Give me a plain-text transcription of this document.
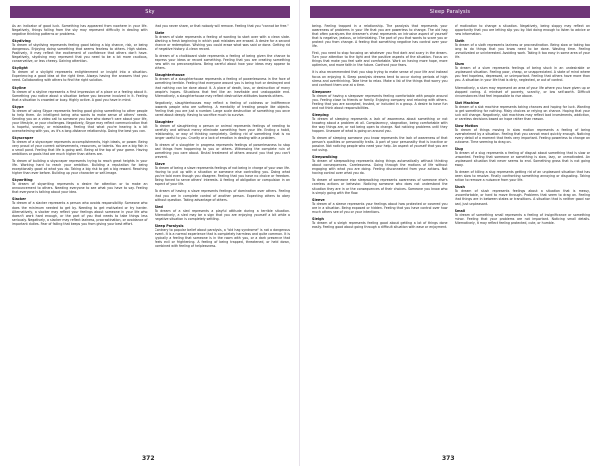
Sky
As an indicator of good luck. Something has appeared from nowhere in your life. Negatively, things falling from the sky may represent difficulty in dealing with negative thinking patterns or problems.
Skydiving
To dream of skydiving represents feeling good taking a big chance, risk, or being dangerous. Enjoying doing something that seems fearless to others. High stakes. Positively, it may reflect the excitement of confidence that others don't have. Negatively, skydiving may represent that you need to be a lot more cautious, conservative, or less cheesy. Gaining attention.
Skylight
To dream of a skylight represents enlightenment or insight into a situation. Experiencing a good idea at the right time. Always having the answers that you need. Collaborating with others to find the right solution.
Skyline
To dream of a skyline represents a first impression of a place or a feeling about it. Something you notice about a situation before you become involved in it. Feeling that a situation is crowded or busy. Highly active. A goal you have in mind.
Skype
To dream of using Skype represents feeling good giving something to other people to help them. An intelligent being who wants to make sense of others' needs. Sending you on a video call to someone you love who doesn't care about your life, your lifestyle, or your challenges. Negatively, Skype may reflect communication that is hopeful, sneaky, or misleading. Feeling that what you're hearing is a bit overwhelming with you, as it's a long-distance relationship. Doing the best you can.
Skyscraper
To dream of a skyscraper represents accomplishments, high ideals, or power. Being very proud of your current achievements, resources, or talents. You are a big fish in a small pond. Feeling that life is going well. Being at the top of your game. Having ambitions or goals that are much higher than others are.
To dream of building a skyscraper represents trying to reach great heights in your life. Working hard to reach your ambition. Building a reputation for being exceptionally good at what you do. Taking a big risk to get a big reward. Reaching higher than ever before. Building up your character or self-image.
Skywriting
To dream of skywriting represents a desire for attention or to make an announcement to others. Needing everyone to see what you have to say. Feeling that everyone is talking about your idea.
Slacker
To dream of a slacker represents a person who avoids responsibility. Someone who does the minimum needed to get by. Needing to get motivated or try harder. Alternatively, a slacker may reflect your feelings about someone in your life who doesn't work hard enough, or the part of you that needs to take things less seriously. Negatively, a slacker may reflect laziness, procrastination, or avoidance of important duties. Fear of failing that keeps you from giving your best effort.
that you never share, or that nobody will remove. Feeling that you "cannot be free."
Slate
To dream of slate represents a feeling of wanting to start over with a clean slate. Wanting a fresh beginning in which past mistakes are erased. A desire for a second chance or redemption. Wishing you could erase what was said or done. Getting rid of negative history. A clean record.
To dream of a chalkboard slate represents a feeling of being given the chance to express your ideas or record something. Feeling that you are creating something new with no preconceptions. Being careful about how your ideas may appear to others.
Slaughterhouse
To dream of a slaughterhouse represents a feeling of powerlessness in the face of something terrible. Feeling that everyone around you is being hurt or destroyed and that nothing can be done about it. A place of death, loss, or destruction of many people's hopes. Situations that feel like an inevitable and unstoppable end. Alternatively, a slaughterhouse may reflect destructive attitudes towards others.
Negatively, slaughterhouses may reflect a feeling of coldness or indifference towards people who are suffering. A mentality of treating people like objects. Feeling that you are just a number. Large scale destruction of something you once cared about deeply. Having to sacrifice much to survive.
Slaughter
To dream of slaughtering a person or animal represents feelings of needing to carefully and without mercy eliminate something from your life. Ending a habit, relationship, or way of thinking completely. Getting rid of something that is no longer useful to you. Cruelty or a lack of emotion in dealing with a problem.
To dream of a slaughter in progress represents feelings of powerlessness to stop bad things from happening to you or others. Witnessing the complete ruin of something you care about. Brutal treatment of others around you that you can't prevent.
Slave
To dream of being a slave represents feelings of not being in charge of your own life. Having to put up with a situation or someone else controlling you. Doing what you're told even though you disagree. Feeling that you have no choice or freedom. Being forced to serve others' interests. A feeling of obligation or compulsion in an aspect of your life.
To dream of having a slave represents feelings of domination over others. Feeling that you are in complete control of another person. Expecting others to obey without question. Taking advantage of others.
Sled
To dream of a sled represents a playful attitude during a terrible situation. Alternatively, a sled may be a sign that you are enjoying yourself a bit while a negative situation is completely settling.
Sleep Paralysis
Contrary to popular belief about paralysis, a "old hag syndrome" is not a dangerous event. It is a normal experience that is completely harmless and quite common. It is typically a feeling that someone is in the room with you, or a dark presence that feels evil or frightening. A feeling of being trapped, threatened, or held down, combined with feeling of helplessness.
372
Sleep Paralysis
being. Feeling trapped in a relationship. The paralysis that represents your awareness of problems in your life that you are powerless to change. The old hag that often paralyzes the dreamer's chest represents an intrusive aspect of yourself that is negative, jealous, or intimidating. The part of you that wants to scare you or protect you from change. A feeling that something negative has control over your life.
First, you need to stop focusing on whatever you find dark and scary in the dream. Turn your attention to the light and the positive aspects of the situation. Focus on things that make you feel safe and comfortable. Work on having more hope, more optimism, and more faith in the future. Confront your fears.
It is also recommended that you stop trying to make sense of your life and instead focus on enjoying it. Sleep paralysis dreams tend to occur during periods of high stress and overthinking. Take time to relax. Make a list of the things that worry you and confront them one at a time.
Sleepover
To dream of having a sleepover represents feeling comfortable with people around you. Feeling close to friends or family. Enjoying company and relaxing with others. Feeling that you are accepted, trusted, or included in a group. A desire to have fun and not think about responsibilities.
Sleeping
To dream of sleeping represents a lack of awareness about something or not knowing about a problem at all. Complacency, stagnation, being comfortable with the way things are, or not being open to change. Not noticing problems until they happen. Unaware of what is going on around you.
To dream of sleeping someone you know represents the lack of awareness of that person's qualities or personality traits. A part of your personality that is inactive or passive. Not noticing people who need your help. An aspect of yourself that you are not using.
Sleepwalking
To dream of sleepwalking represents doing things automatically without thinking about consequences. Carelessness. Going through the motions of life without engaging with what you are doing. Feeling disconnected from your actions. Not having control over what you do.
To dream of someone else sleepwalking represents awareness of someone else's careless actions or behavior. Noticing someone who does not understand the situation they are in or the consequences of their choices. Someone you know who is simply going with the flow.
Sleeve
To dream of a sleeve represents your feelings about how protected or covered you are in a situation. Being exposed or hidden. Feeling that you have control over how much others see of you or your intentions.
Sleigh
To dream of a sleigh represents feeling good about getting a lot of things done easily. Feeling good about going through a difficult situation with ease or enjoyment.
of motivation to change a situation. Negatively, being sloppy may reflect an opportunity that you are letting slip you by. Not doing enough to listen to advice or new information.
Sloth
To dream of a sloth represents laziness or procrastination. Being slow or taking too long to do things that you know need to be done. Wasting time. Feeling unmotivated or uninterested. Avoiding work. Taking it too easy in some area of your life.
Slum
To dream of a slum represents feelings of being stuck in an undesirable or unpleasant situation. Feeling poor, cheap, or unappreciated. A state of mind where you feel hopeless, depressed, or unimportant. Feeling that others have more than you. A situation in your life that is dirty, neglected, or out of control.
Alternatively, a slum may represent an area of your life where you have given up or stopped caring. A mindset of poverty, scarcity, or low self-worth. Difficult circumstances that feel impossible to rise above.
Slot Machine
To dream of a slot machine represents taking chances and hoping for luck. Wanting to get something for nothing. Risky choices or relying on chance. Hoping that your luck will change. Negatively, slot machines may reflect bad investments, addiction, or careless decisions based on hope rather than reason.
Slow Motion
To dream of things moving in slow motion represents a feeling of being overwhelmed by a situation. Feeling that you cannot react quickly enough. Noticing every detail of a moment that feels very important. Feeling powerless to change an outcome. Time seeming to drag on.
Slug
To dream of a slug represents a feeling of disgust about something that is slow or unwanted. Feeling that someone or something is slow, lazy, or unmotivated. An unpleasant situation that never seems to end. Something gross that is not going away.
To dream of killing a slug represents getting rid of an unpleasant situation that has been slow to resolve. Finally confronting something annoying or disgusting. Taking action to remove a nuisance from your life.
Slush
To dream of slush represents feelings about a situation that is messy, uncomfortable, or hard to move through. Problems that seem to drag on. Feeling that things are in between states or transitions. A situation that is neither good nor bad, just unpleasant.
Small
To dream of something small represents a feeling of insignificance or something minor. Feeling that your problems are not important. Noticing small details. Alternatively, it may reflect feeling protected, cute, or humble.
373
